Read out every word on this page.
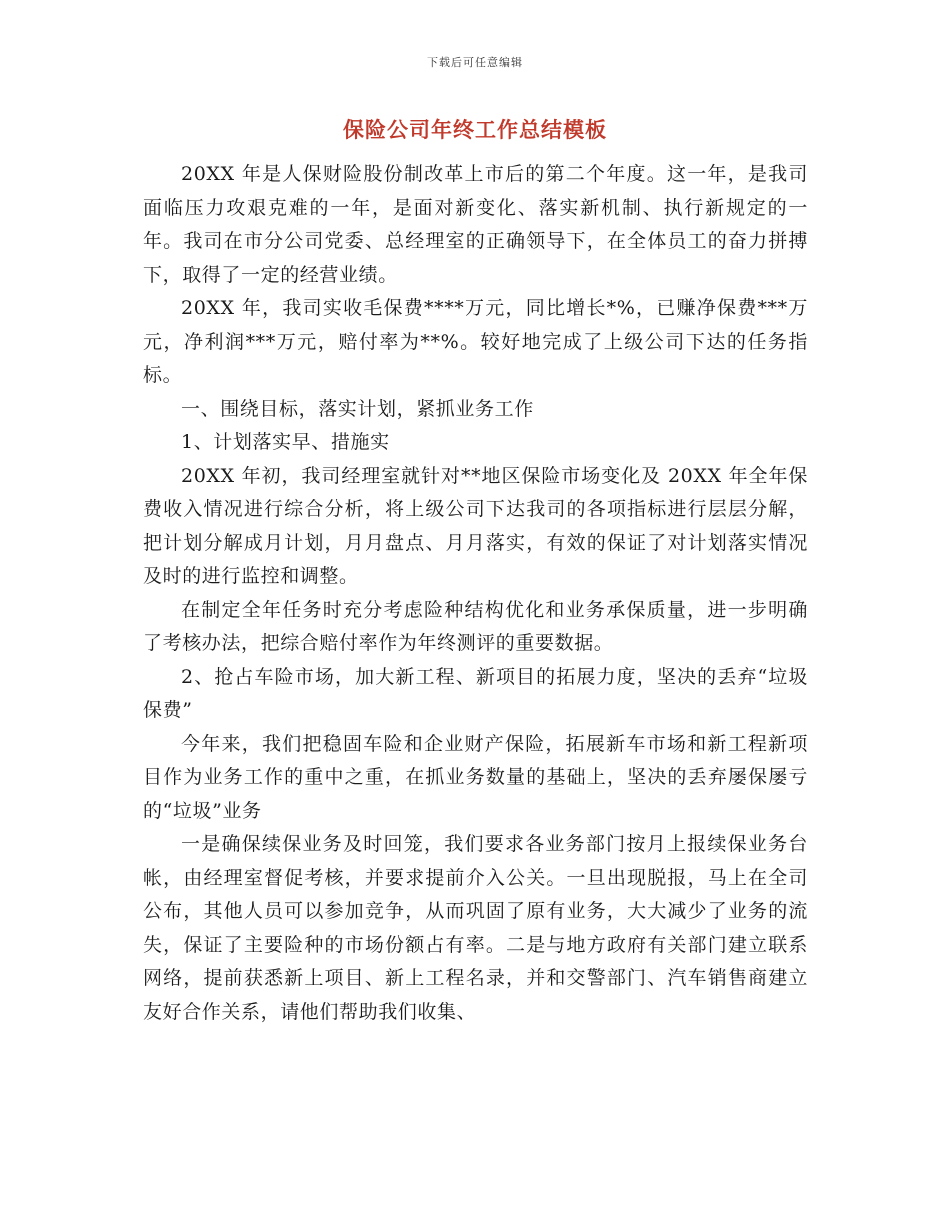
下载后可任意编辑
保险公司年终工作总结模板

20XX 年是人保财险股份制改革上市后的第二个年度。这一年，是我司面临压力攻艰克难的一年，是面对新变化、落实新机制、执行新规定的一年。我司在市分公司党委、总经理室的正确领导下，在全体员工的奋力拼搏下，取得了一定的经营业绩。

20XX 年，我司实收毛保费****万元，同比增长*%，已赚净保费***万元，净利润***万元，赔付率为**%。较好地完成了上级公司下达的任务指标。

一、围绕目标，落实计划，紧抓业务工作

1、计划落实早、措施实

20XX 年初，我司经理室就针对**地区保险市场变化及 20XX 年全年保费收入情况进行综合分析，将上级公司下达我司的各项指标进行层层分解，把计划分解成月计划，月月盘点、月月落实，有效的保证了对计划落实情况及时的进行监控和调整。

在制定全年任务时充分考虑险种结构优化和业务承保质量，进一步明确了考核办法，把综合赔付率作为年终测评的重要数据。

2、抢占车险市场，加大新工程、新项目的拓展力度，坚决的丢弃“垃圾保费”

今年来，我们把稳固车险和企业财产保险，拓展新车市场和新工程新项目作为业务工作的重中之重，在抓业务数量的基础上，坚决的丢弃屡保屡亏的“垃圾”业务

一是确保续保业务及时回笼，我们要求各业务部门按月上报续保业务台帐，由经理室督促考核，并要求提前介入公关。一旦出现脱报，马上在全司公布，其他人员可以参加竞争，从而巩固了原有业务，大大减少了业务的流失，保证了主要险种的市场份额占有率。二是与地方政府有关部门建立联系网络，提前获悉新上项目、新上工程名录，并和交警部门、汽车销售商建立友好合作关系，请他们帮助我们收集、
